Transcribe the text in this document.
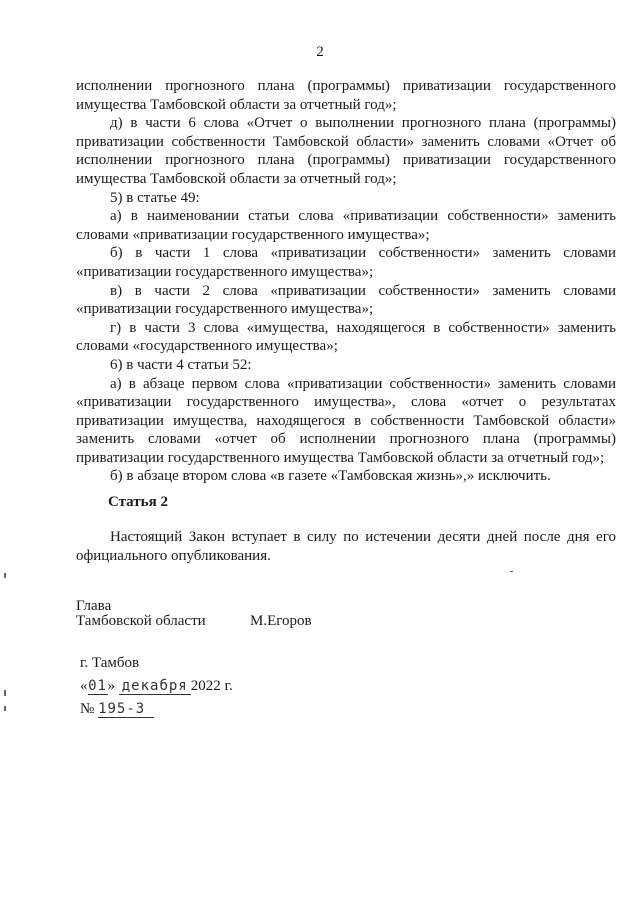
2

исполнении прогнозного плана (программы) приватизации государственного имущества Тамбовской области за отчетный год»;

д) в части 6 слова «Отчет о выполнении прогнозного плана (программы) приватизации собственности Тамбовской области» заменить словами «Отчет об исполнении прогнозного плана (программы) приватизации государственного имущества Тамбовской области за отчетный год»;

5) в статье 49:

а) в наименовании статьи слова «приватизации собственности» заменить словами «приватизации государственного имущества»;

б) в части 1 слова «приватизации собственности» заменить словами «приватизации государственного имущества»;

в) в части 2 слова «приватизации собственности» заменить словами «приватизации государственного имущества»;

г) в части 3 слова «имущества, находящегося в собственности» заменить словами «государственного имущества»;

6) в части 4 статьи 52:

а) в абзаце первом слова «приватизации собственности» заменить словами «приватизации государственного имущества», слова «отчет о результатах приватизации имущества, находящегося в собственности Тамбовской области» заменить словами «отчет об исполнении прогнозного плана (программы) приватизации государственного имущества Тамбовской области за отчетный год»;

б) в абзаце втором слова «в газете «Тамбовская жизнь»,» исключить.

Статья 2

Настоящий Закон вступает в силу по истечении десяти дней после дня его официального опубликования.

Глава
Тамбовской области	М.Егоров
г. Тамбов
«01» декабря 2022 г.
№ 195-З
